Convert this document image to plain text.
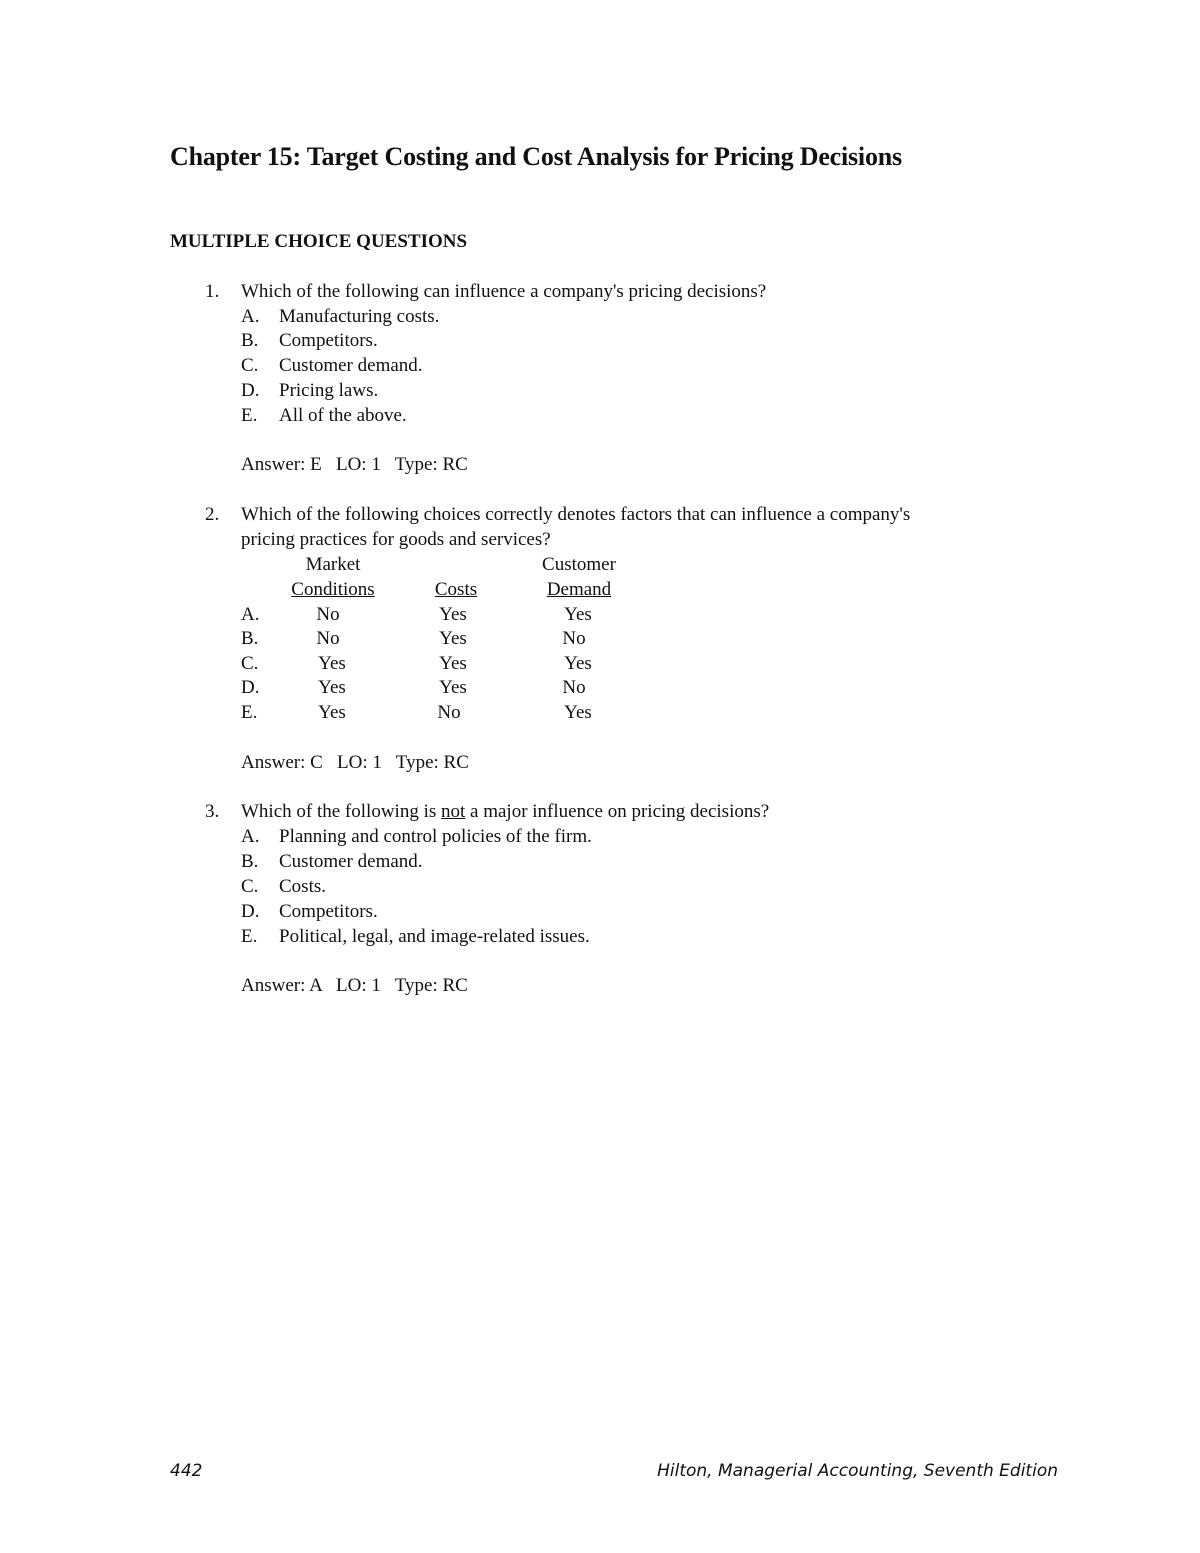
Chapter 15: Target Costing and Cost Analysis for Pricing Decisions
MULTIPLE CHOICE QUESTIONS
1.	Which of the following can influence a company's pricing decisions?
A. Manufacturing costs.
B. Competitors.
C. Customer demand.
D. Pricing laws.
E. All of the above.
Answer: E   LO: 1   Type: RC
2.	Which of the following choices correctly denotes factors that can influence a company's
pricing practices for goods and services?
Market	Customer
Conditions	Costs	Demand
A.	No	Yes	Yes
B.	No	Yes	No
C.	Yes	Yes	Yes
D.	Yes	Yes	No
E.	Yes	No	Yes
Answer: C   LO: 1   Type: RC
3.	Which of the following is not a major influence on pricing decisions?
A. Planning and control policies of the firm.
B. Customer demand.
C. Costs.
D. Competitors.
E. Political, legal, and image-related issues.
Answer: A   LO: 1   Type: RC
442	Hilton, Managerial Accounting, Seventh Edition
